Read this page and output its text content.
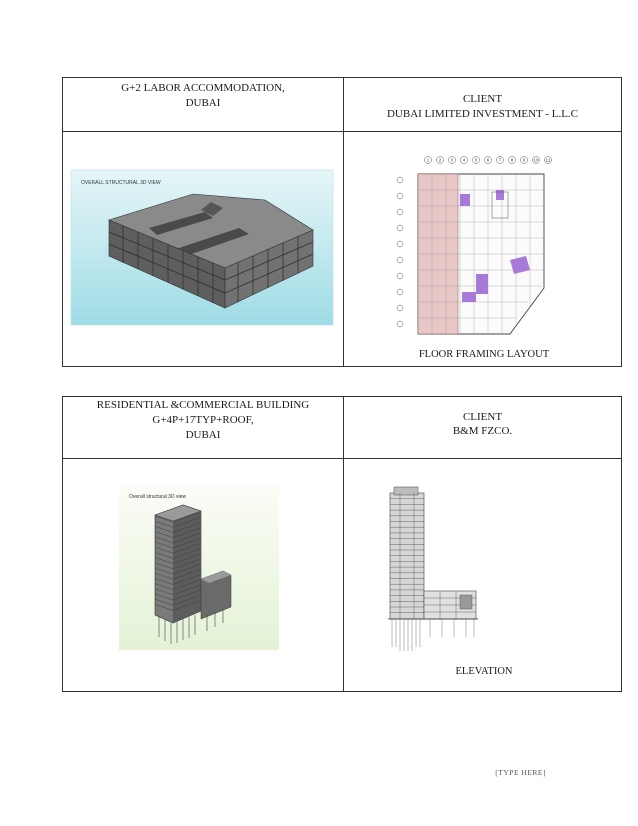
G+2 LABOR ACCOMMODATION,
DUBAI	CLIENT
DUBAI LIMITED INVESTMENT - L.L.C
OVERALL STRUCTURAL 3D VIEW
1 2 3 4 5 6 7 8 9 10 11
FLOOR FRAMING LAYOUT
RESIDENTIAL &COMMERCIAL BUILDING
G+4P+17TYP+ROOF,
DUBAI
CLIENT
B&M FZCO.
Overall structural 3D view
ELEVATION
[TYPE HERE]
